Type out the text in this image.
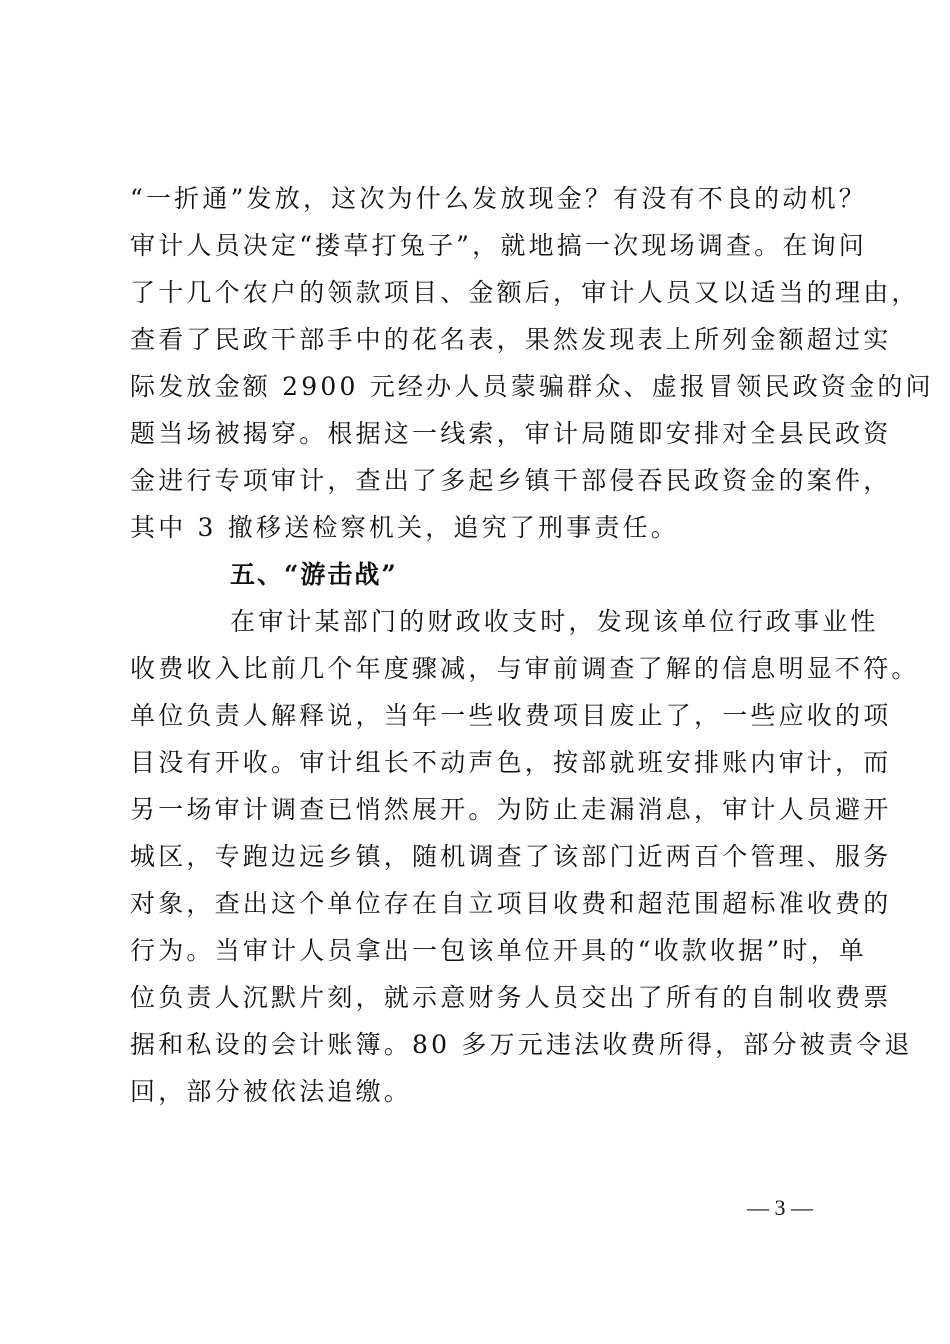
“一折通”发放，这次为什么发放现金？有没有不良的动机？
审计人员决定“搂草打兔子”，就地搞一次现场调查。在询问
了十几个农户的领款项目、金额后，审计人员又以适当的理由，
查看了民政干部手中的花名表，果然发现表上所列金额超过实
际发放金额 2900 元经办人员蒙骗群众、虚报冒领民政资金的问
题当场被揭穿。根据这一线索，审计局随即安排对全县民政资
金进行专项审计，查出了多起乡镇干部侵吞民政资金的案件，
其中 3 撤移送检察机关，追究了刑事责任。
五、“游击战”
在审计某部门的财政收支时，发现该单位行政事业性
收费收入比前几个年度骤减，与审前调查了解的信息明显不符。
单位负责人解释说，当年一些收费项目废止了，一些应收的项
目没有开收。审计组长不动声色，按部就班安排账内审计，而
另一场审计调查已悄然展开。为防止走漏消息，审计人员避开
城区，专跑边远乡镇，随机调查了该部门近两百个管理、服务
对象，查出这个单位存在自立项目收费和超范围超标准收费的
行为。当审计人员拿出一包该单位开具的“收款收据”时，单
位负责人沉默片刻，就示意财务人员交出了所有的自制收费票
据和私设的会计账簿。80 多万元违法收费所得，部分被责令退
回，部分被依法追缴。
— 3 —
